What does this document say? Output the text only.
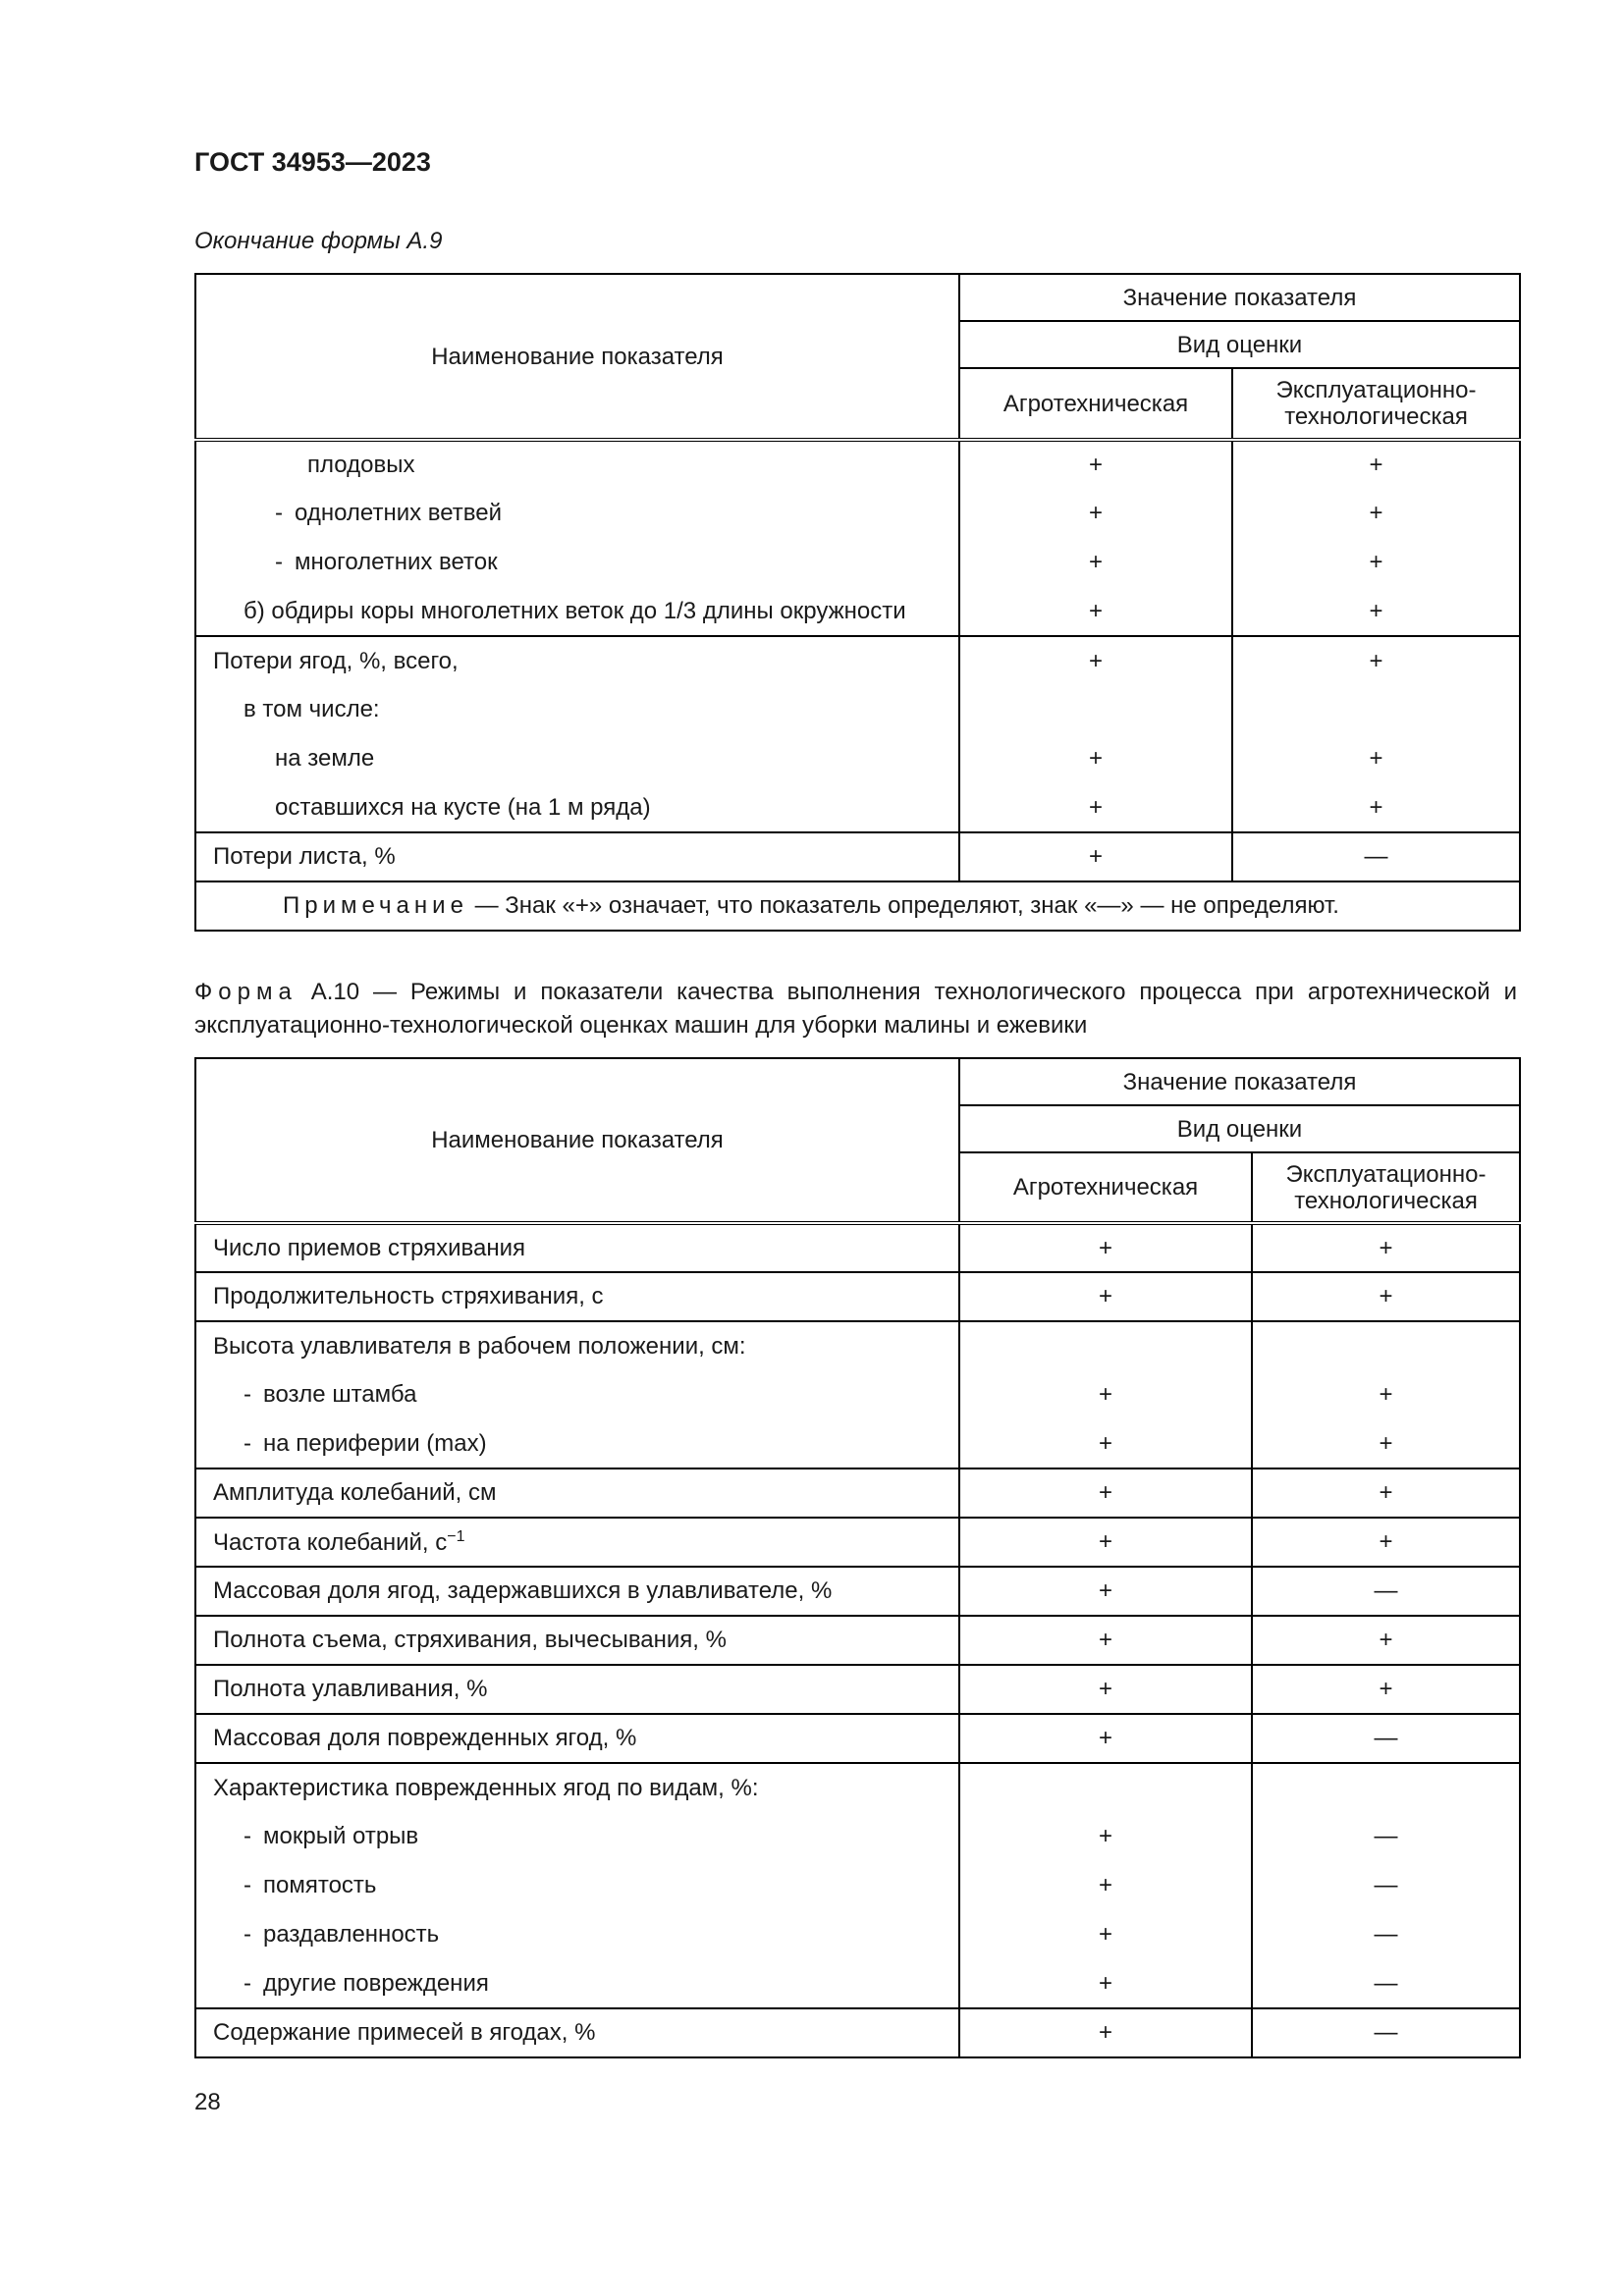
ГОСТ 34953—2023
Окончание формы А.9
Наименование показателя	Значение показателя	
	Вид оценки	
	Агротехническая	Эксплуатационно-технологическая
плодовых	+	+
- однолетних ветвей	+	+
- многолетних веток	+	+
б) обдиры коры многолетних веток до 1/3 длины окружности	+	+
Потери ягод, %, всего,	+	+
в том числе:		
на земле	+	+
оставшихся на кусте (на 1 м ряда)	+	+
Потери листа, %	+	—
Примечание — Знак «+» означает, что показатель определяют, знак «—» — не определяют.		
Форма А.10 — Режимы и показатели качества выполнения технологического процесса при агротехнической и эксплуатационно-технологической оценках машин для уборки малины и ежевики
Наименование показателя	Значение показателя	
	Вид оценки	
	Агротехническая	Эксплуатационно-технологическая
Число приемов стряхивания	+	+
Продолжительность стряхивания, с	+	+
Высота улавливателя в рабочем положении, см:		
- возле штамба	+	+
- на периферии (max)	+	+
Амплитуда колебаний, см	+	+
Частота колебаний, $с^{-1}$	+	+
Массовая доля ягод, задержавшихся в улавливателе, %	+	—
Полнота съема, стряхивания, вычесывания, %	+	+
Полнота улавливания, %	+	+
Массовая доля поврежденных ягод, %	+	—
Характеристика поврежденных ягод по видам, %:		
- мокрый отрыв	+	—
- помятость	+	—
- раздавленность	+	—
- другие повреждения	+	—
Содержание примесей в ягодах, %	+	—
28
